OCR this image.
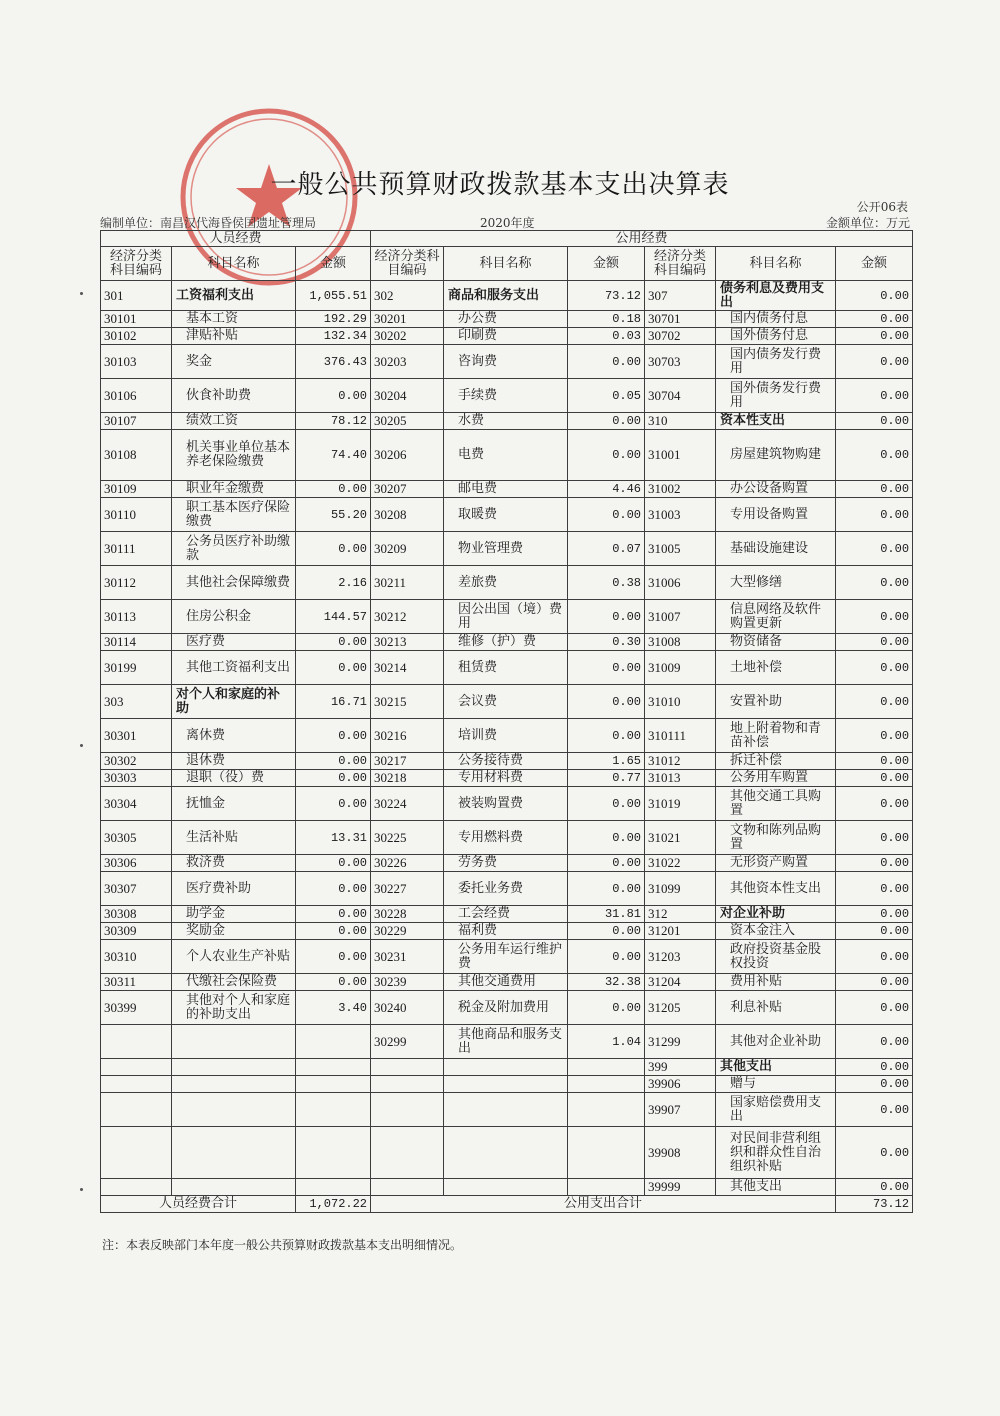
一般公共预算财政拨款基本支出决算表
公开06表
编制单位：南昌汉代海昏侯国遗址管理局	2020年度	金额单位：万元
人员经费			公用经费					
经济分类科目编码	科目名称	金额	经济分类科目编码	科目名称	金额	经济分类科目编码	科目名称	金额
301	工资福利支出	1,055.51	302	商品和服务支出	73.12	307	债务利息及费用支出	0.00
30101	基本工资	192.29	30201	办公费	0.18	30701	国内债务付息	0.00
30102	津贴补贴	132.34	30202	印刷费	0.03	30702	国外债务付息	0.00
30103	奖金	376.43	30203	咨询费	0.00	30703	国内债务发行费用	0.00
30106	伙食补助费	0.00	30204	手续费	0.05	30704	国外债务发行费用	0.00
30107	绩效工资	78.12	30205	水费	0.00	310	资本性支出	0.00
30108	机关事业单位基本养老保险缴费	74.40	30206	电费	0.00	31001	房屋建筑物购建	0.00
30109	职业年金缴费	0.00	30207	邮电费	4.46	31002	办公设备购置	0.00
30110	职工基本医疗保险缴费	55.20	30208	取暖费	0.00	31003	专用设备购置	0.00
30111	公务员医疗补助缴款	0.00	30209	物业管理费	0.07	31005	基础设施建设	0.00
30112	其他社会保障缴费	2.16	30211	差旅费	0.38	31006	大型修缮	0.00
30113	住房公积金	144.57	30212	因公出国（境）费用	0.00	31007	信息网络及软件购置更新	0.00
30114	医疗费	0.00	30213	维修（护）费	0.30	31008	物资储备	0.00
30199	其他工资福利支出	0.00	30214	租赁费	0.00	31009	土地补偿	0.00
303	对个人和家庭的补助	16.71	30215	会议费	0.00	31010	安置补助	0.00
30301	离休费	0.00	30216	培训费	0.00	310111	地上附着物和青苗补偿	0.00
30302	退休费	0.00	30217	公务接待费	1.65	31012	拆迁补偿	0.00
30303	退职（役）费	0.00	30218	专用材料费	0.77	31013	公务用车购置	0.00
30304	抚恤金	0.00	30224	被装购置费	0.00	31019	其他交通工具购置	0.00
30305	生活补贴	13.31	30225	专用燃料费	0.00	31021	文物和陈列品购置	0.00
30306	救济费	0.00	30226	劳务费	0.00	31022	无形资产购置	0.00
30307	医疗费补助	0.00	30227	委托业务费	0.00	31099	其他资本性支出	0.00
30308	助学金	0.00	30228	工会经费	31.81	312	对企业补助	0.00
30309	奖励金	0.00	30229	福利费	0.00	31201	资本金注入	0.00
30310	个人农业生产补贴	0.00	30231	公务用车运行维护费	0.00	31203	政府投资基金股权投资	0.00
30311	代缴社会保险费	0.00	30239	其他交通费用	32.38	31204	费用补贴	0.00
30399	其他对个人和家庭的补助支出	3.40	30240	税金及附加费用	0.00	31205	利息补贴	0.00
			30299	其他商品和服务支出	1.04	31299	其他对企业补助	0.00
						399	其他支出	0.00
						39906	赠与	0.00
						39907	国家赔偿费用支出	0.00
						39908	对民间非营利组织和群众性自治组织补贴	0.00
						39999	其他支出	0.00
人员经费合计		1,072.22	公用支出合计					73.12
注：本表反映部门本年度一般公共预算财政拨款基本支出明细情况。
